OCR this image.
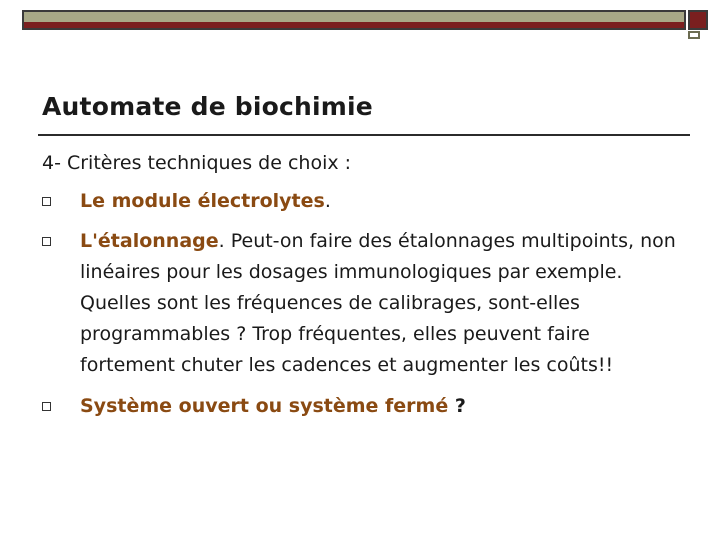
Automate de biochimie
4- Critères techniques de choix :
Le module électrolytes.
L'étalonnage. Peut-on faire des étalonnages multipoints, non linéaires pour les dosages immunologiques par exemple. Quelles sont les fréquences de calibrages, sont-elles programmables ? Trop fréquentes, elles peuvent faire fortement chuter les cadences et augmenter les coûts!!
Système ouvert ou système fermé ?
